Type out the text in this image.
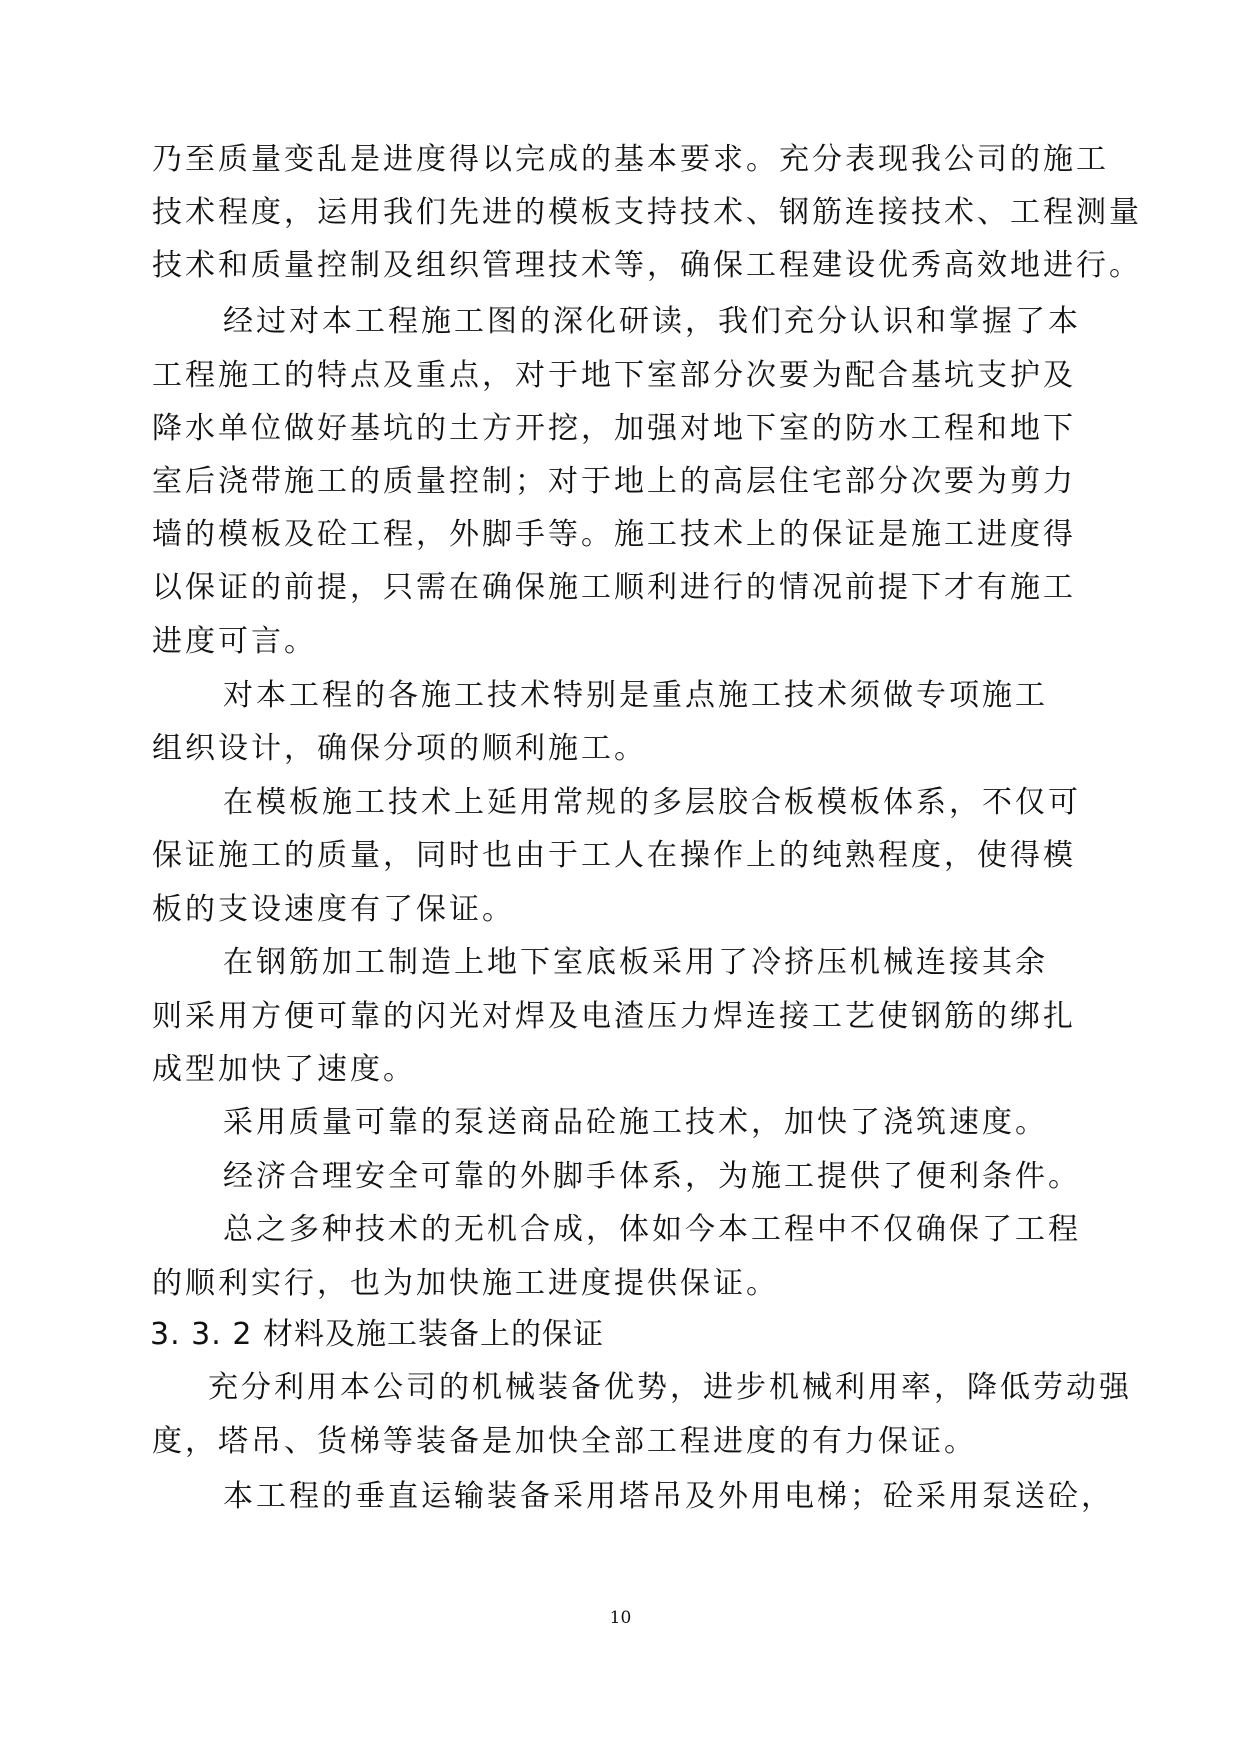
乃至质量变乱是进度得以完成的基本要求。充分表现我公司的施工
技术程度，运用我们先进的模板支持技术、钢筋连接技术、工程测量
技术和质量控制及组织管理技术等，确保工程建设优秀高效地进行。
经过对本工程施工图的深化研读，我们充分认识和掌握了本
工程施工的特点及重点，对于地下室部分次要为配合基坑支护及
降水单位做好基坑的土方开挖，加强对地下室的防水工程和地下
室后浇带施工的质量控制；对于地上的高层住宅部分次要为剪力
墙的模板及砼工程，外脚手等。施工技术上的保证是施工进度得
以保证的前提，只需在确保施工顺利进行的情况前提下才有施工
进度可言。
对本工程的各施工技术特别是重点施工技术须做专项施工
组织设计，确保分项的顺利施工。
在模板施工技术上延用常规的多层胶合板模板体系，不仅可
保证施工的质量，同时也由于工人在操作上的纯熟程度，使得模
板的支设速度有了保证。
在钢筋加工制造上地下室底板采用了冷挤压机械连接其余
则采用方便可靠的闪光对焊及电渣压力焊连接工艺使钢筋的绑扎
成型加快了速度。
采用质量可靠的泵送商品砼施工技术，加快了浇筑速度。
经济合理安全可靠的外脚手体系，为施工提供了便利条件。
总之多种技术的无机合成，体如今本工程中不仅确保了工程
的顺利实行，也为加快施工进度提供保证。
3. 3. 2 材料及施工装备上的保证
充分利用本公司的机械装备优势，进步机械利用率，降低劳动强
度，塔吊、货梯等装备是加快全部工程进度的有力保证。
本工程的垂直运输装备采用塔吊及外用电梯；砼采用泵送砼，
10
